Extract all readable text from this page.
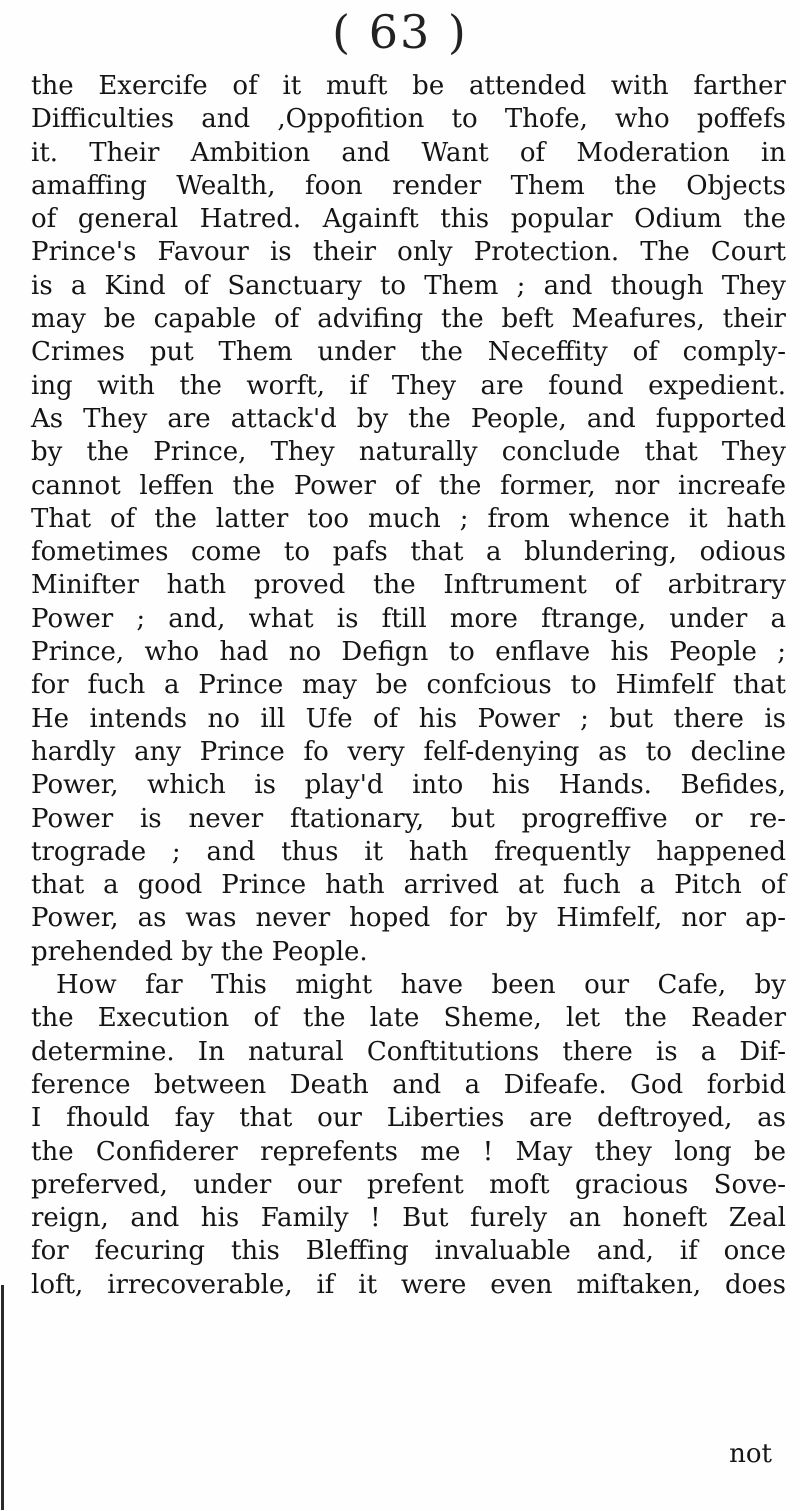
( 63 )
the Exercife of it muft be attended with farther
Difficulties and ,Oppofition to Thofe, who poffefs
it. Their Ambition and Want of Moderation in
amaffing Wealth, foon render Them the Objects
of general Hatred. Againft this popular Odium the
Prince's Favour is their only Protection. The Court
is a Kind of Sanctuary to Them ; and though They
may be capable of advifing the beft Meafures, their
Crimes put Them under the Neceffity of comply-
ing with the worft, if They are found expedient.
As They are attack'd by the People, and fupported
by the Prince, They naturally conclude that They
cannot leffen the Power of the former, nor increafe
That of the latter too much ; from whence it hath
fometimes come to pafs that a blundering, odious
Minifter hath proved the Inftrument of arbitrary
Power ; and, what is ftill more ftrange, under a
Prince, who had no Defign to enflave his People ;
for fuch a Prince may be confcious to Himfelf that
He intends no ill Ufe of his Power ; but there is
hardly any Prince fo very felf-denying as to decline
Power, which is play'd into his Hands. Befides,
Power is never ftationary, but progreffive or re-
trograde ; and thus it hath frequently happened
that a good Prince hath arrived at fuch a Pitch of
Power, as was never hoped for by Himfelf, nor ap-
prehended by the People.
How far This might have been our Cafe, by
the Execution of the late Sheme, let the Reader
determine. In natural Conftitutions there is a Dif-
ference between Death and a Difeafe. God forbid
I fhould fay that our Liberties are deftroyed, as
the Confiderer reprefents me ! May they long be
preferved, under our prefent moft gracious Sove-
reign, and his Family ! But furely an honeft Zeal
for fecuring this Bleffing invaluable and, if once
loft, irrecoverable, if it were even miftaken, does
not
